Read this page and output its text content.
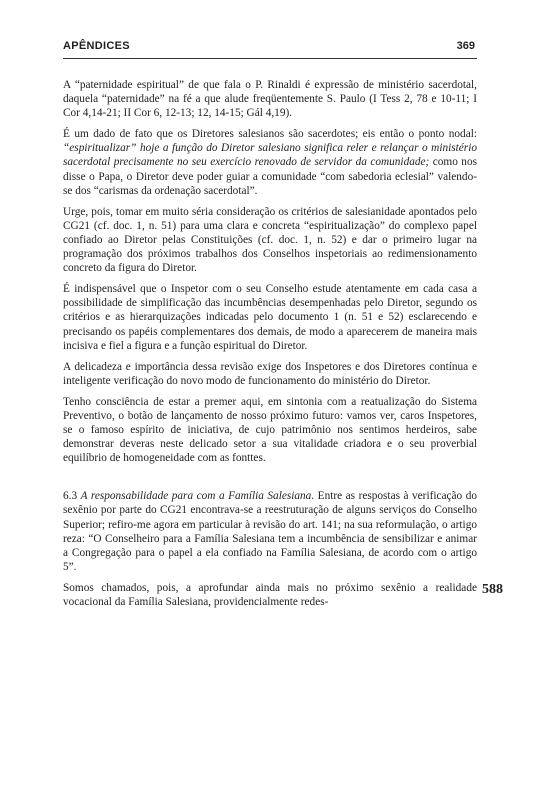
APÊNDICES	369

A “paternidade espiritual” de que fala o P. Rinaldi é expressão de ministério sacerdotal, daquela “paternidade” na fé a que alude freqüentemente S. Paulo (I Tess 2, 78 e 10-11; I Cor 4,14-21; II Cor 6, 12-13; 12, 14-15; Gál 4,19).

É um dado de fato que os Diretores salesianos são sacerdotes; eis então o ponto nodal: “espiritualizar” hoje a função do Diretor salesiano significa reler e relançar o ministério sacerdotal precisamente no seu exercício renovado de servidor da comunidade; como nos disse o Papa, o Diretor deve poder guiar a comunidade “com sabedoria eclesial” valendo-se dos “carismas da ordenação sacerdotal”.

Urge, pois, tomar em muito séria consideração os critérios de salesianidade apontados pelo CG21 (cf. doc. 1, n. 51) para uma clara e concreta “espiritualização” do complexo papel confiado ao Diretor pelas Constituições (cf. doc. 1, n. 52) e dar o primeiro lugar na programação dos próximos trabalhos dos Conselhos inspetoriais ao redimensionamento concreto da figura do Diretor.

É indispensável que o Inspetor com o seu Conselho estude atentamente em cada casa a possibilidade de simplificação das incumbências desempenhadas pelo Diretor, segundo os critérios e as hierarquizações indicadas pelo documento 1 (n. 51 e 52) esclarecendo e precisando os papéis complementares dos demais, de modo a aparecerem de maneira mais incisiva e fiel a figura e a função espiritual do Diretor.

A delicadeza e importância dessa revisão exige dos Inspetores e dos Diretores contínua e inteligente verificação do novo modo de funcionamento do ministério do Diretor.

Tenho consciência de estar a premer aqui, em sintonia com a reatualização do Sistema Preventivo, o botão de lançamento de nosso próximo futuro: vamos ver, caros Inspetores, se o famoso espírito de iniciativa, de cujo patrimônio nos sentimos herdeiros, sabe demonstrar deveras neste delicado setor a sua vitalidade criadora e o seu proverbial equilíbrio de homogeneidade com as fonttes.

6.3 A responsabilidade para com a Família Salesiana. Entre as respostas à verificação do sexênio por parte do CG21 encontrava-se a reestruturação de alguns serviços do Conselho Superior; refiro-me agora em particular à revisão do art. 141; na sua reformulação, o artigo reza: “O Conselheiro para a Família Salesiana tem a incumbência de sensibilizar e animar a Congregação para o papel a ela confiado na Família Salesiana, de acordo com o artigo 5”.

Somos chamados, pois, a aprofundar ainda mais no próximo sexênio a realidade vocacional da Família Salesiana, providencialmente redes-

588
